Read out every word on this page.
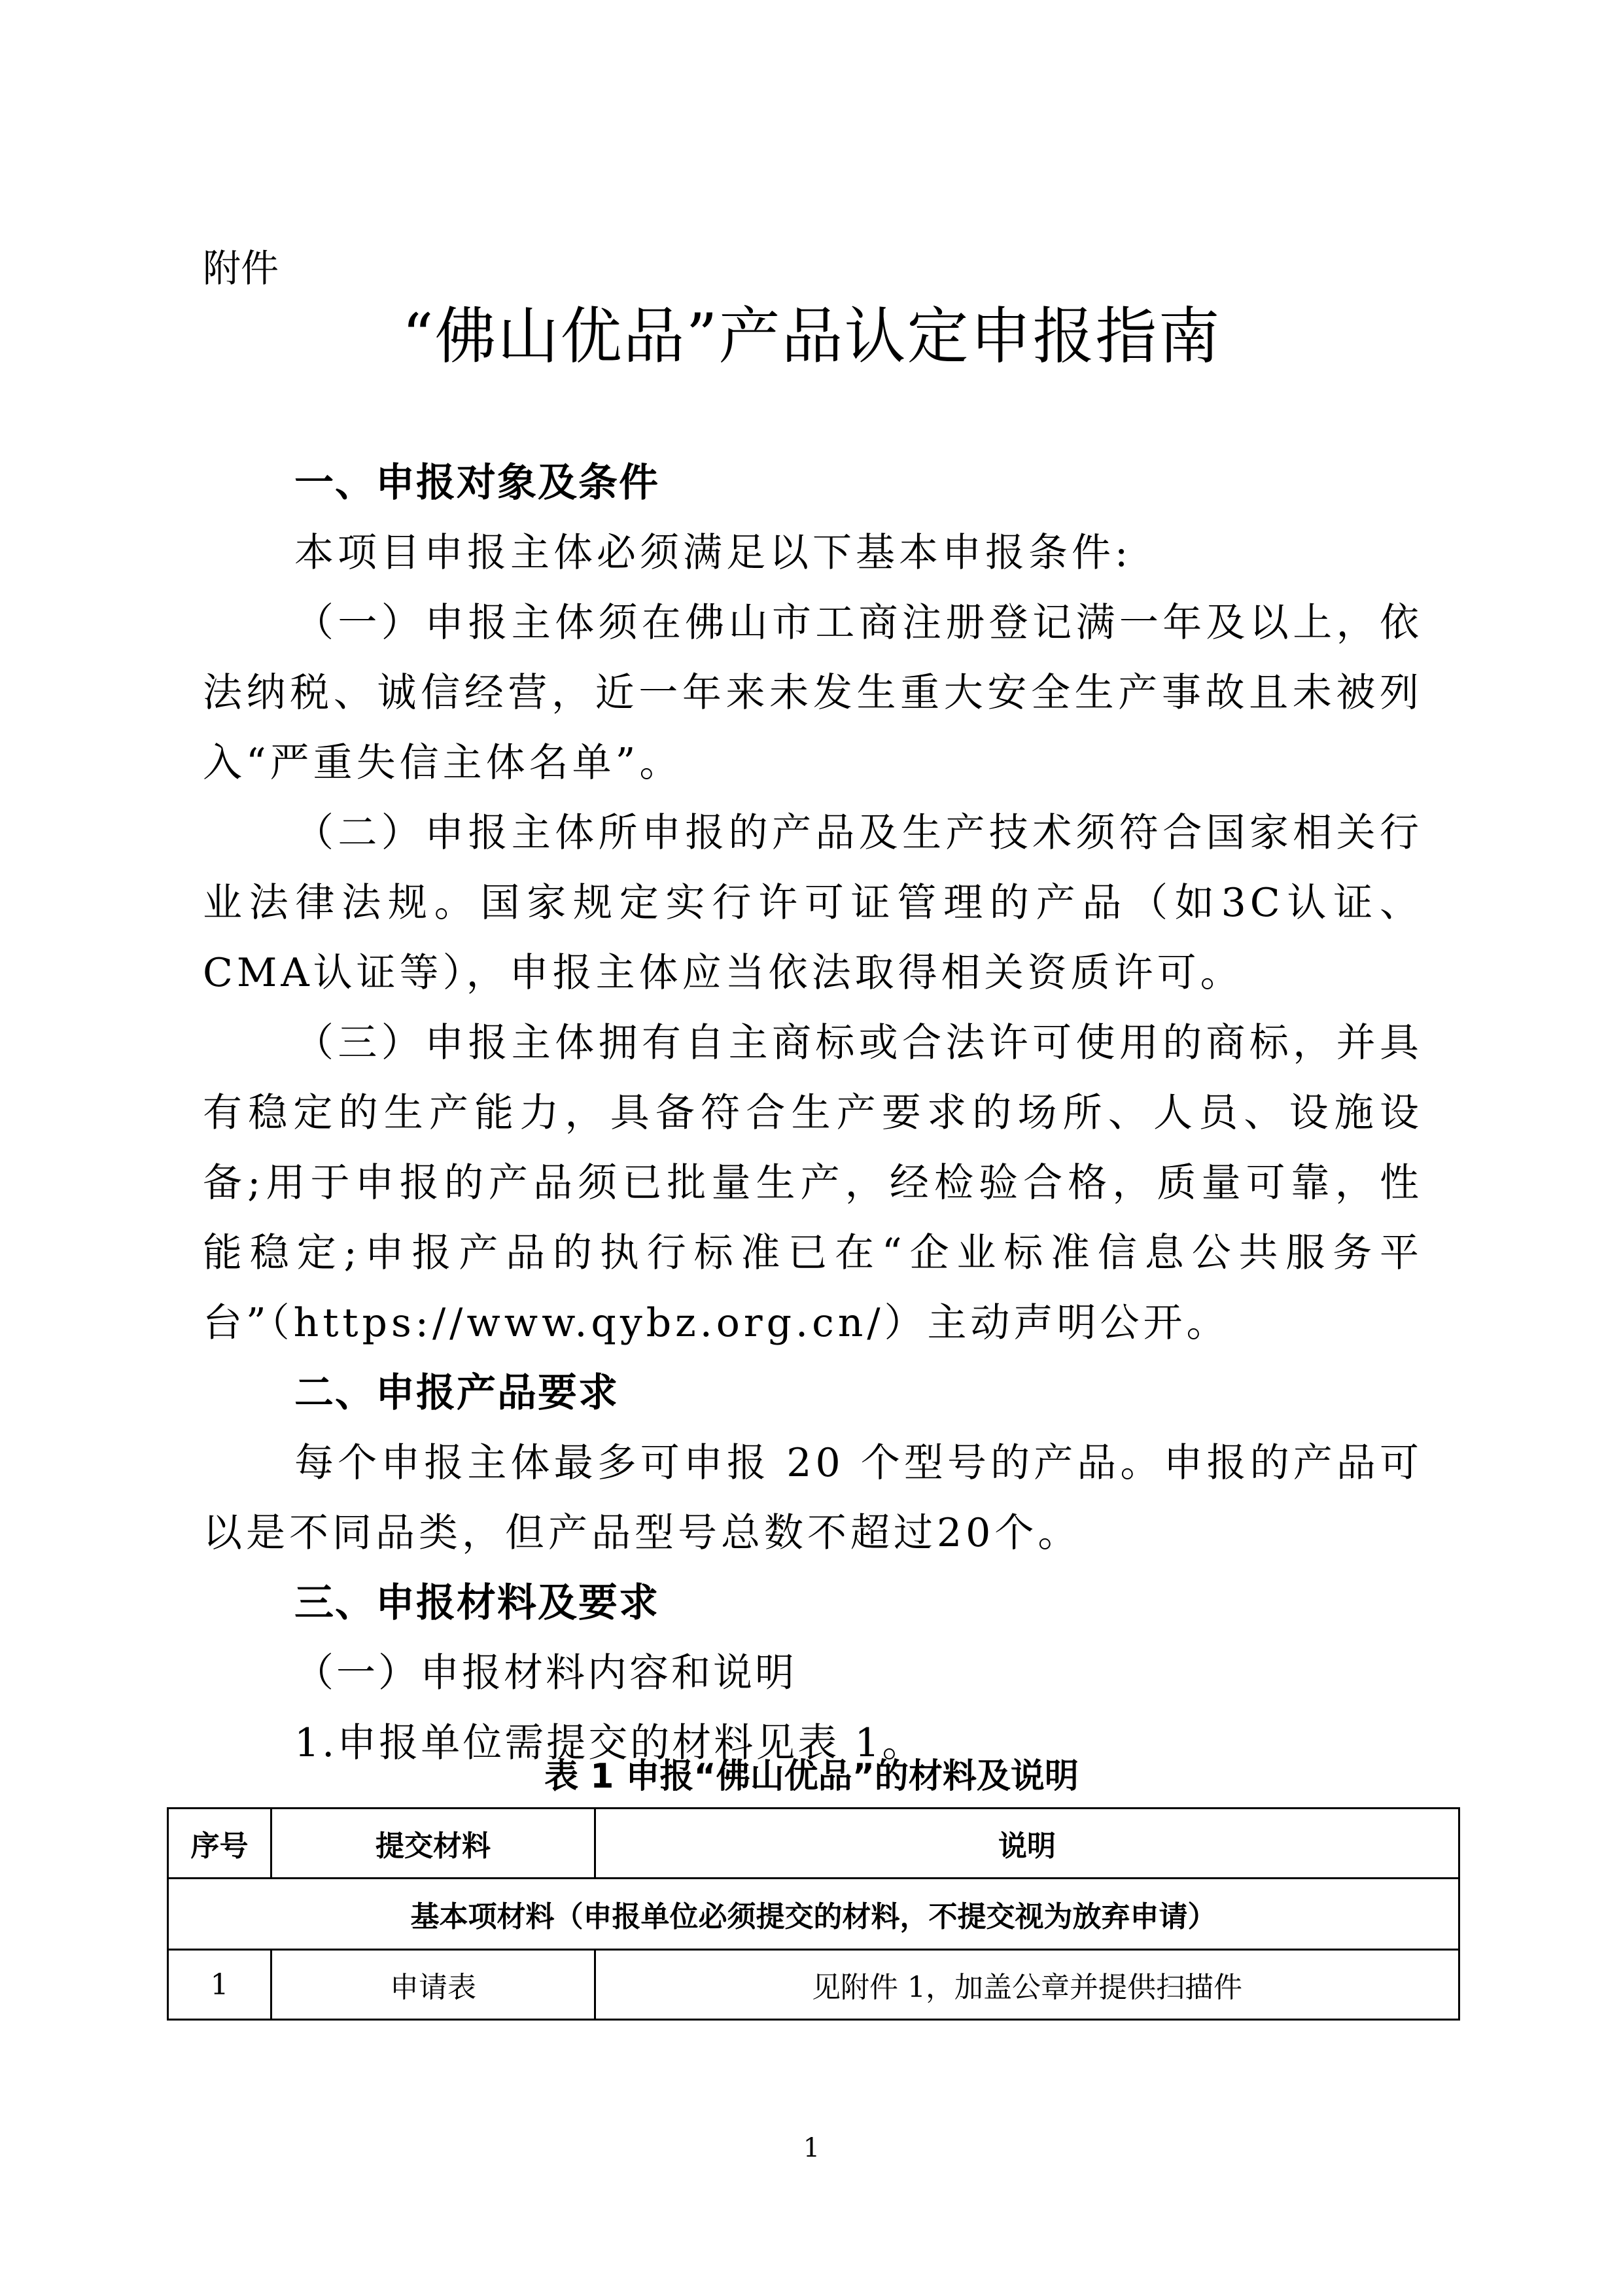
附件
“佛山优品”产品认定申报指南

一、申报对象及条件

本项目申报主体必须满足以下基本申报条件:

（一）申报主体须在佛山市工商注册登记满一年及以上，依法纳税、诚信经营，近一年来未发生重大安全生产事故且未被列入“严重失信主体名单”。

（二）申报主体所申报的产品及生产技术须符合国家相关行业法律法规。国家规定实行许可证管理的产品（如3C认证、CMA认证等），申报主体应当依法取得相关资质许可。

（三）申报主体拥有自主商标或合法许可使用的商标，并具有稳定的生产能力，具备符合生产要求的场所、人员、设施设备;用于申报的产品须已批量生产，经检验合格，质量可靠，性能稳定;申报产品的执行标准已在“企业标准信息公共服务平台”（https://www.qybz.org.cn/）主动声明公开。

二、申报产品要求

每个申报主体最多可申报 20 个型号的产品。申报的产品可以是不同品类，但产品型号总数不超过20个。

三、申报材料及要求

（一）申报材料内容和说明

1.申报单位需提交的材料见表 1。

表 1 申报“佛山优品”的材料及说明
序号	提交材料	说明
基本项材料（申报单位必须提交的材料，不提交视为放弃申请）		
1	申请表	见附件 1，加盖公章并提供扫描件
1
